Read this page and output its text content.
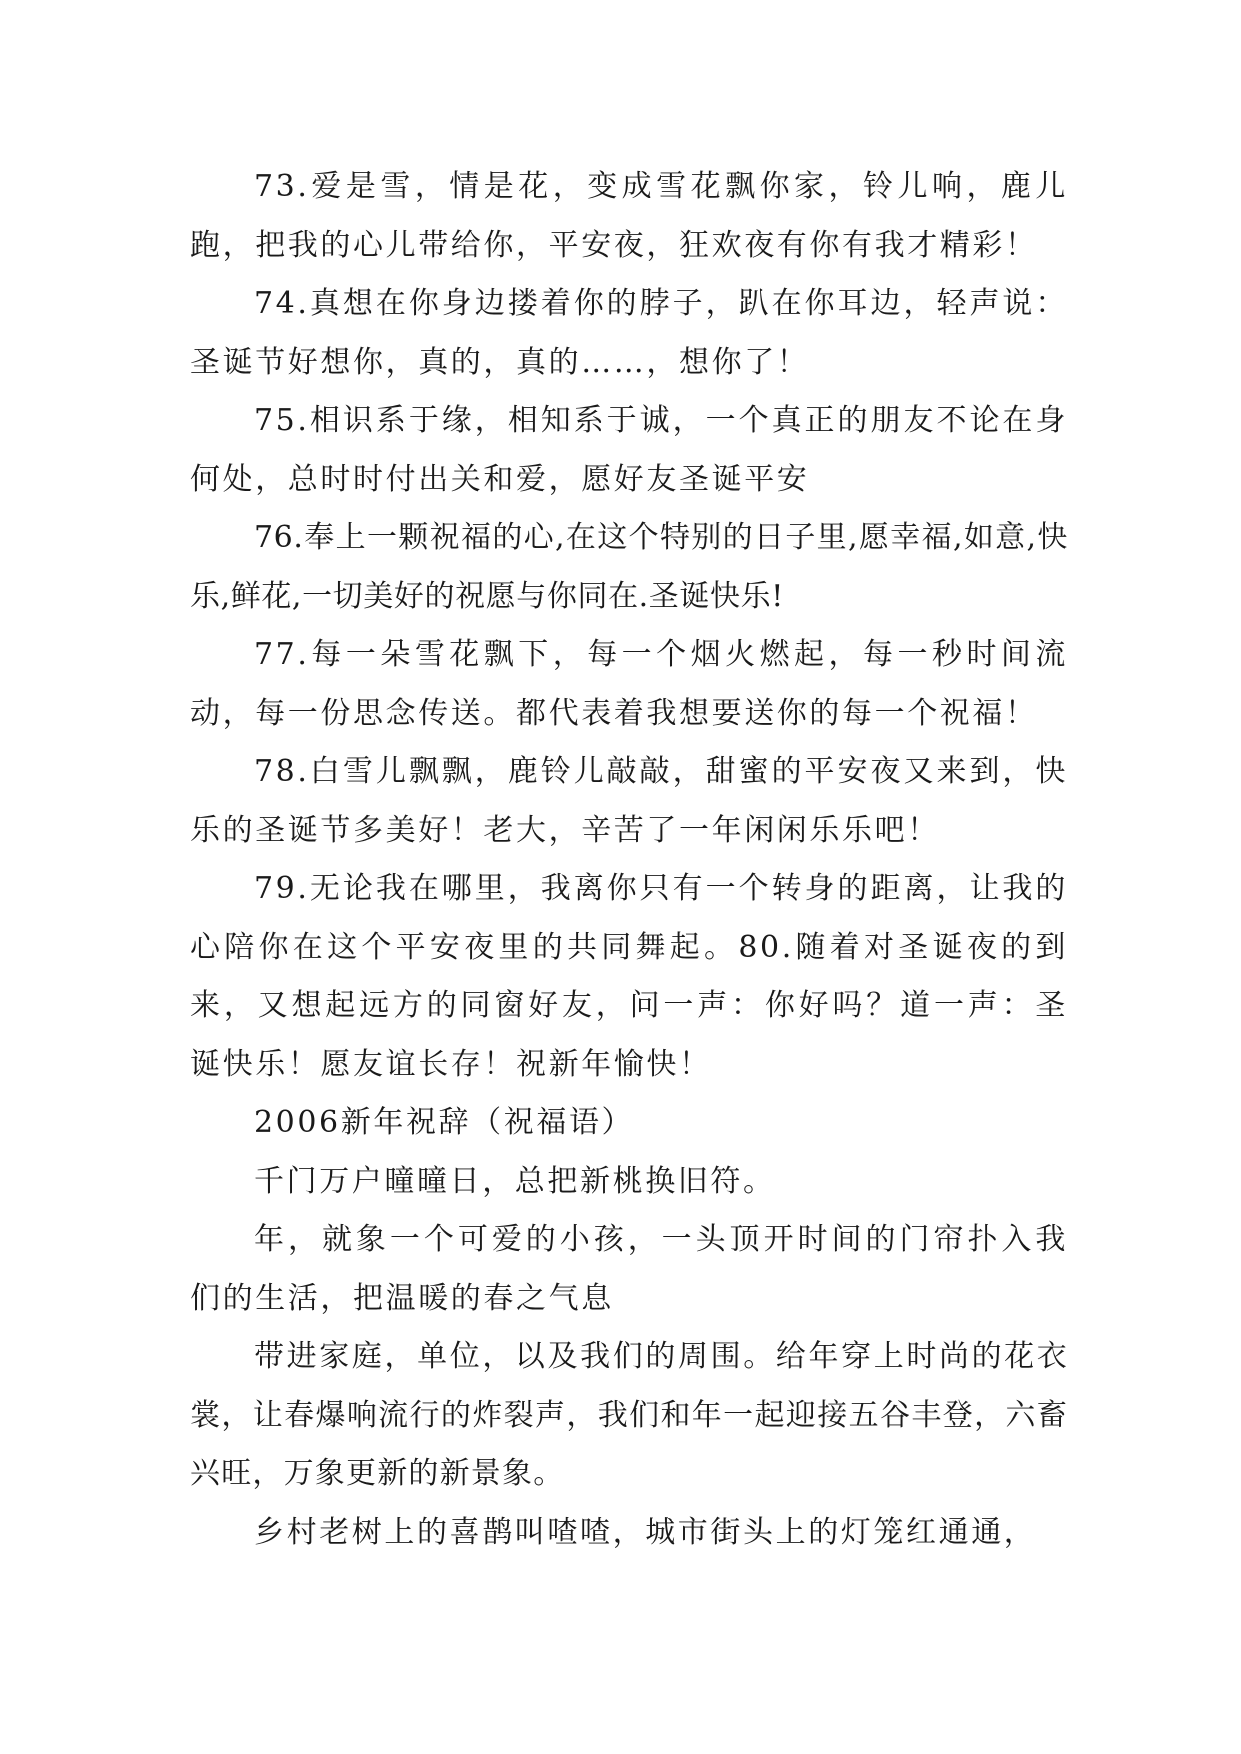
73.爱是雪，情是花，变成雪花飘你家，铃儿响，鹿儿跑，把我的心儿带给你，平安夜，狂欢夜有你有我才精彩！

74.真想在你身边搂着你的脖子，趴在你耳边，轻声说：圣诞节好想你，真的，真的……，想你了！

75.相识系于缘，相知系于诚，一个真正的朋友不论在身何处，总时时付出关和爱，愿好友圣诞平安

76.奉上一颗祝福的心,在这个特别的日子里,愿幸福,如意,快乐,鲜花,一切美好的祝愿与你同在.圣诞快乐!

77.每一朵雪花飘下，每一个烟火燃起，每一秒时间流动，每一份思念传送。都代表着我想要送你的每一个祝福！

78.白雪儿飘飘，鹿铃儿敲敲，甜蜜的平安夜又来到，快乐的圣诞节多美好！老大，辛苦了一年闲闲乐乐吧！

79.无论我在哪里，我离你只有一个转身的距离，让我的心陪你在这个平安夜里的共同舞起。80.随着对圣诞夜的到来，又想起远方的同窗好友，问一声：你好吗？道一声：圣诞快乐！愿友谊长存！祝新年愉快！

2006新年祝辞（祝福语）

千门万户曈曈日，总把新桃换旧符。

年，就象一个可爱的小孩，一头顶开时间的门帘扑入我们的生活，把温暖的春之气息

带进家庭，单位，以及我们的周围。给年穿上时尚的花衣裳，让春爆响流行的炸裂声，我们和年一起迎接五谷丰登，六畜兴旺，万象更新的新景象。

乡村老树上的喜鹊叫喳喳，城市街头上的灯笼红通通，
